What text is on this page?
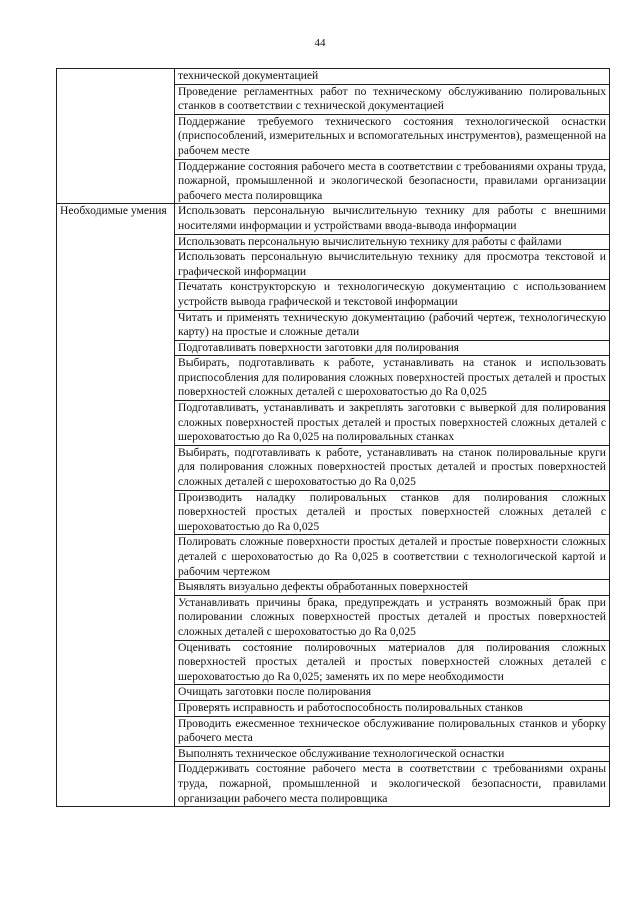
44
	технической документацией
	Проведение регламентных работ по техническому обслуживанию полировальных станков в соответствии с технической документацией
	Поддержание требуемого технического состояния технологической оснастки (приспособлений, измерительных и вспомогательных инструментов), размещенной на рабочем месте
	Поддержание состояния рабочего места в соответствии с требованиями охраны труда, пожарной, промышленной и экологической безопасности, правилами организации рабочего места полировщика
Необходимые умения	Использовать персональную вычислительную технику для работы с внешними носителями информации и устройствами ввода-вывода информации
	Использовать персональную вычислительную технику для работы с файлами
	Использовать персональную вычислительную технику для просмотра текстовой и графической информации
	Печатать конструкторскую и технологическую документацию с использованием устройств вывода графической и текстовой информации
	Читать и применять техническую документацию (рабочий чертеж, технологическую карту) на простые и сложные детали
	Подготавливать поверхности заготовки для полирования
	Выбирать, подготавливать к работе, устанавливать на станок и использовать приспособления для полирования сложных поверхностей простых деталей и простых поверхностей сложных деталей с шероховатостью до Ra 0,025
	Подготавливать, устанавливать и закреплять заготовки с выверкой для полирования сложных поверхностей простых деталей и простых поверхностей сложных деталей с шероховатостью до Ra 0,025 на полировальных станках
	Выбирать, подготавливать к работе, устанавливать на станок полировальные круги для полирования сложных поверхностей простых деталей и простых поверхностей сложных деталей с шероховатостью до Ra 0,025
	Производить наладку полировальных станков для полирования сложных поверхностей простых деталей и простых поверхностей сложных деталей с шероховатостью до Ra 0,025
	Полировать сложные поверхности простых деталей и простые поверхности сложных деталей с шероховатостью до Ra 0,025 в соответствии с технологической картой и рабочим чертежом
	Выявлять визуально дефекты обработанных поверхностей
	Устанавливать причины брака, предупреждать и устранять возможный брак при полировании сложных поверхностей простых деталей и простых поверхностей сложных деталей с шероховатостью до Ra 0,025
	Оценивать состояние полировочных материалов для полирования сложных поверхностей простых деталей и простых поверхностей сложных деталей с шероховатостью до Ra 0,025; заменять их по мере необходимости
	Очищать заготовки после полирования
	Проверять исправность и работоспособность полировальных станков
	Проводить ежесменное техническое обслуживание полировальных станков и уборку рабочего места
	Выполнять техническое обслуживание технологической оснастки
	Поддерживать состояние рабочего места в соответствии с требованиями охраны труда, пожарной, промышленной и экологической безопасности, правилами организации рабочего места полировщика
